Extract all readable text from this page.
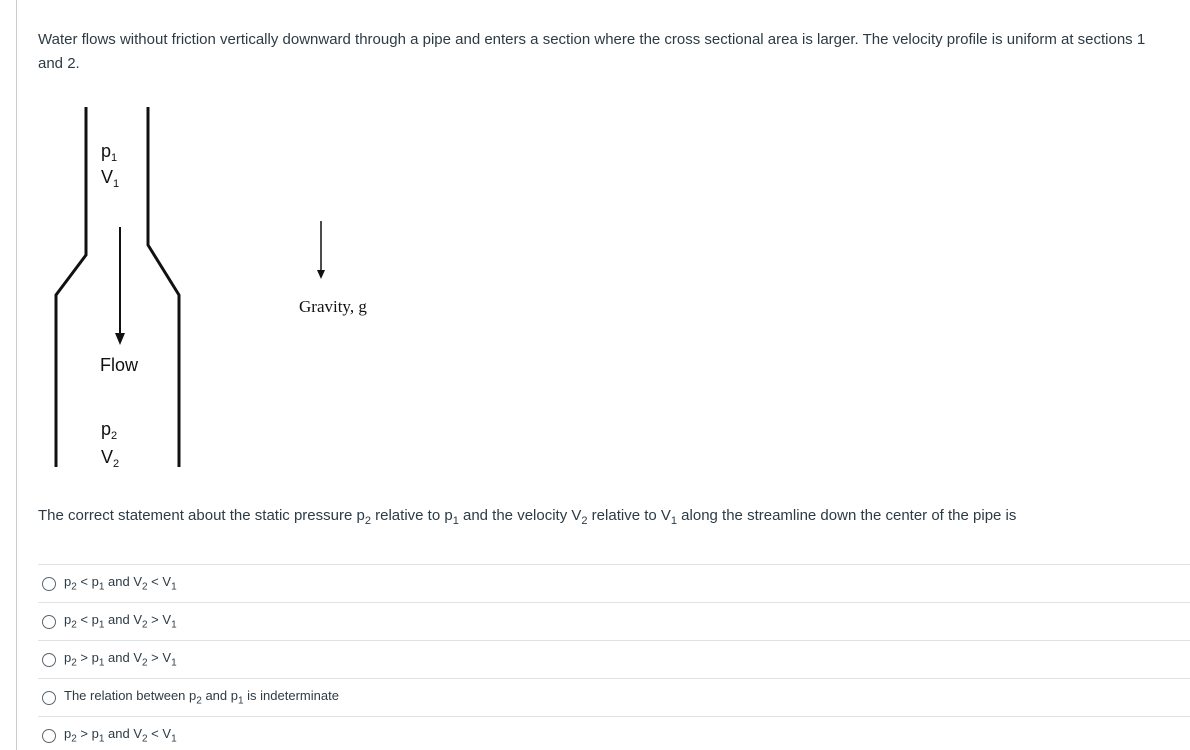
Water flows without friction vertically downward through a pipe and enters a section where the cross sectional area is larger. The velocity profile is uniform at sections 1 and 2.

$p_1$
$V_1$
Flow
$p_2$
$V_2$
Gravity, g

The correct statement about the static pressure $p_2$ relative to $p_1$ and the velocity $V_2$ relative to $V_1$ along the streamline down the center of the pipe is

$p_2 < p_1$ and $V_2 < V_1$
$p_2 < p_1$ and $V_2 > V_1$
$p_2 > p_1$ and $V_2 > V_1$
The relation between $p_2$ and $p_1$ is indeterminate
$p_2 > p_1$ and $V_2 < V_1$
